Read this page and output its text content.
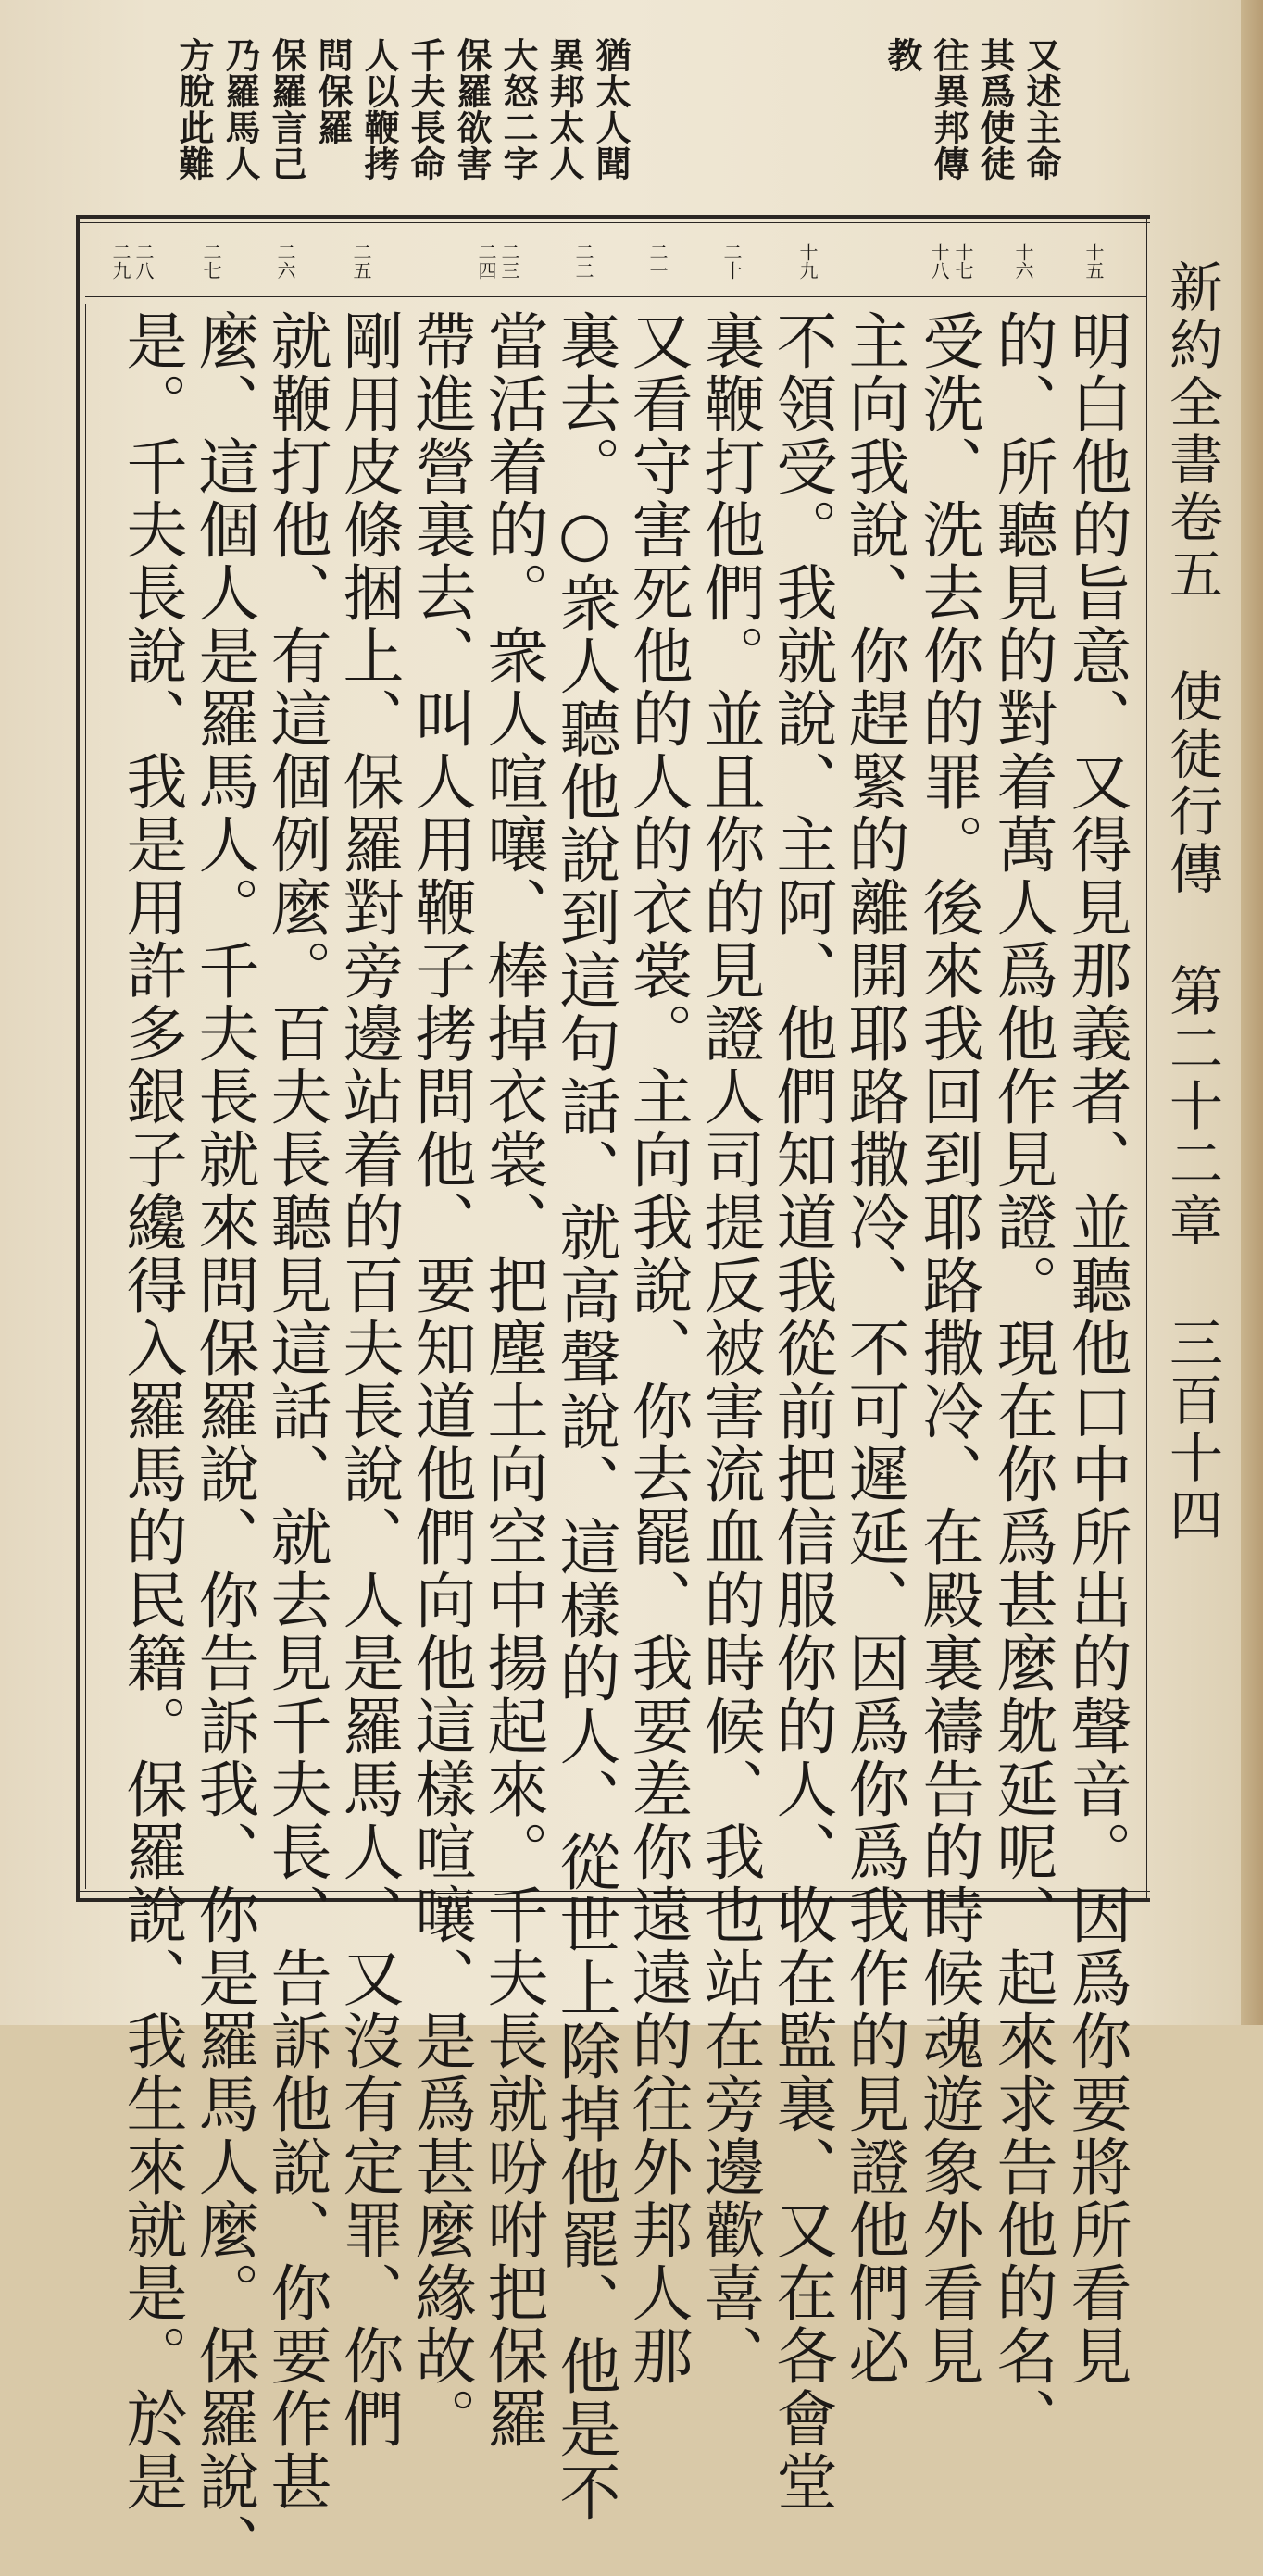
猶太人聞
異邦太人
大怒二字
保羅欲害
千夫長命
人以鞭拷
問保羅
保羅言己
乃羅馬人
方脫此難	又述主命
其爲使徒
往異邦傳
教
十五
十六
十七
十八
十九
二十
二一
二二
二三
二四
二五
二六
二七
二八
二九	新約全書卷五使徒行傳第二十二章三百十四
明白他的旨意、又得見那義者、並聽他口中所出的聲音。因爲你要將所看見
的、所聽見的對着萬人爲他作見證。現在你爲甚麼躭延呢、起來求告他的名、
受洗、洗去你的罪。後來我回到耶路撒冷、在殿裏禱告的時候魂遊象外看見
主向我說、你趕緊的離開耶路撒冷、不可遲延、因爲你爲我作的見證他們必
不領受。我就說、主阿、他們知道我從前把信服你的人、收在監裏、又在各會堂
裏鞭打他們。並且你的見證人司提反被害流血的時候、我也站在旁邊歡喜、
又看守害死他的人的衣裳。主向我說、你去罷、我要差你遠遠的往外邦人那
裏去。○衆人聽他說到這句話、就高聲說、這樣的人、從世上除掉他罷、他是不
當活着的。衆人喧嚷、棒掉衣裳、把塵土向空中揚起來。千夫長就吩咐把保羅
帶進營裏去、叫人用鞭子拷問他、要知道他們向他這樣喧嚷、是爲甚麼緣故。
剛用皮條捆上、保羅對旁邊站着的百夫長說、人是羅馬人、又沒有定罪、你們
就鞭打他、有這個例麼。百夫長聽見這話、就去見千夫長、告訴他說、你要作甚
麼、這個人是羅馬人。千夫長就來問保羅說、你告訴我、你是羅馬人麼。保羅說、
是。千夫長說、我是用許多銀子纔得入羅馬的民籍。保羅說、我生來就是。於是
